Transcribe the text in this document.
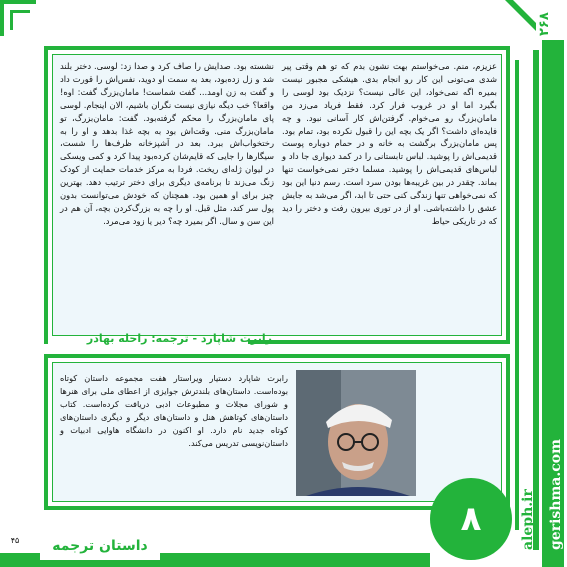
۲۶۸
gerishma.com
aleph.ir
عزیزم، منم. می‌خواستم بهت نشون بدم که تو هم وقتی پیر شدی می‌تونی این کار رو انجام بدی. هیشکی مجبور نیست بمیره اگه نمی‌خواد، این عالی نیست؟ نزدیک بود لوسی را بگیرد اما او در غروب فرار کرد. فقط فریاد می‌زد من مامان‌بزرگ رو می‌خوام. گرفتن‌اش کار آسانی نبود. و چه فایده‌ای داشت؟ اگر یک بچه این را قبول نکرده بود، تمام بود. پس مامان‌بزرگ برگشت به خانه و در حمام دوباره پوست قدیمی‌اش را پوشید. لباس تابستانی را در کمد دیواری جا داد و لباس‌های قدیمی‌اش را پوشید. مسلما دختر نمی‌خواست تنها بماند. چقدر در بین غریبه‌ها بودن سرد است. رسم دنیا این بود که نمی‌خواهی تنها زندگی کنی حتی تا ابد، اگر می‌شد به جایش عشق را داشته‌باشی. او از در توری بیرون رفت و دختر را دید که در تاریکی حیاط
نشسته بود. صدایش را صاف کرد و صدا زد: لوسی. دختر بلند شد و زل زده‌بود، بعد به سمت او دوید، نفس‌اش را قورت داد و گفت به زن اومد... گفت شماست! مامان‌بزرگ گفت: اوه! واقعا؟ خب دیگه نیازی نیست نگران باشیم، الان اینجام. لوسی پای مامان‌بزرگ را محکم گرفته‌بود. گفت: مامان‌بزرگ، تو مامان‌بزرگ منی. وقت‌اش بود به بچه غذا بدهد و او را به رختخواب‌اش ببرد. بعد در آشپزخانه ظرف‌ها را شست، سیگارها را جایی که قایم‌شان کرده‌بود پیدا کرد و کمی ویسکی در لیوان ژله‌ای ریخت. فردا به مرکز خدمات حمایت از کودک زنگ می‌زند تا برنامه‌ی دیگری برای دختر ترتیب دهد. بهترین چیز برای او همین بود. همچنان که خودش می‌توانست بدون پول سر کند، مثل قبل. او را چه به بزرگ‌کردن بچه، آن هم در این سن و سال. اگر بمیرد چه؟ دیر یا زود می‌مرد.
رابرت شاپارد - ترجمه: راحله بهادر
رابرت شاپارد دستیار ویراستار هفت مجموعه داستان کوتاه بوده‌است. داستان‌های بلندترش جوایزی از اعطای ملی برای هنرها و شورای مجلات و مطبوعات ادبی دریافت کرده‌است. کتاب داستان‌های کوتاهش هنل و داستان‌های دیگر و دیگری داستان‌های کوتاه جدید نام دارد. او اکنون در دانشگاه هاوایی ادبیات و داستان‌نویسی تدریس می‌کند.
۸
داستان ترجمه
۴۵
